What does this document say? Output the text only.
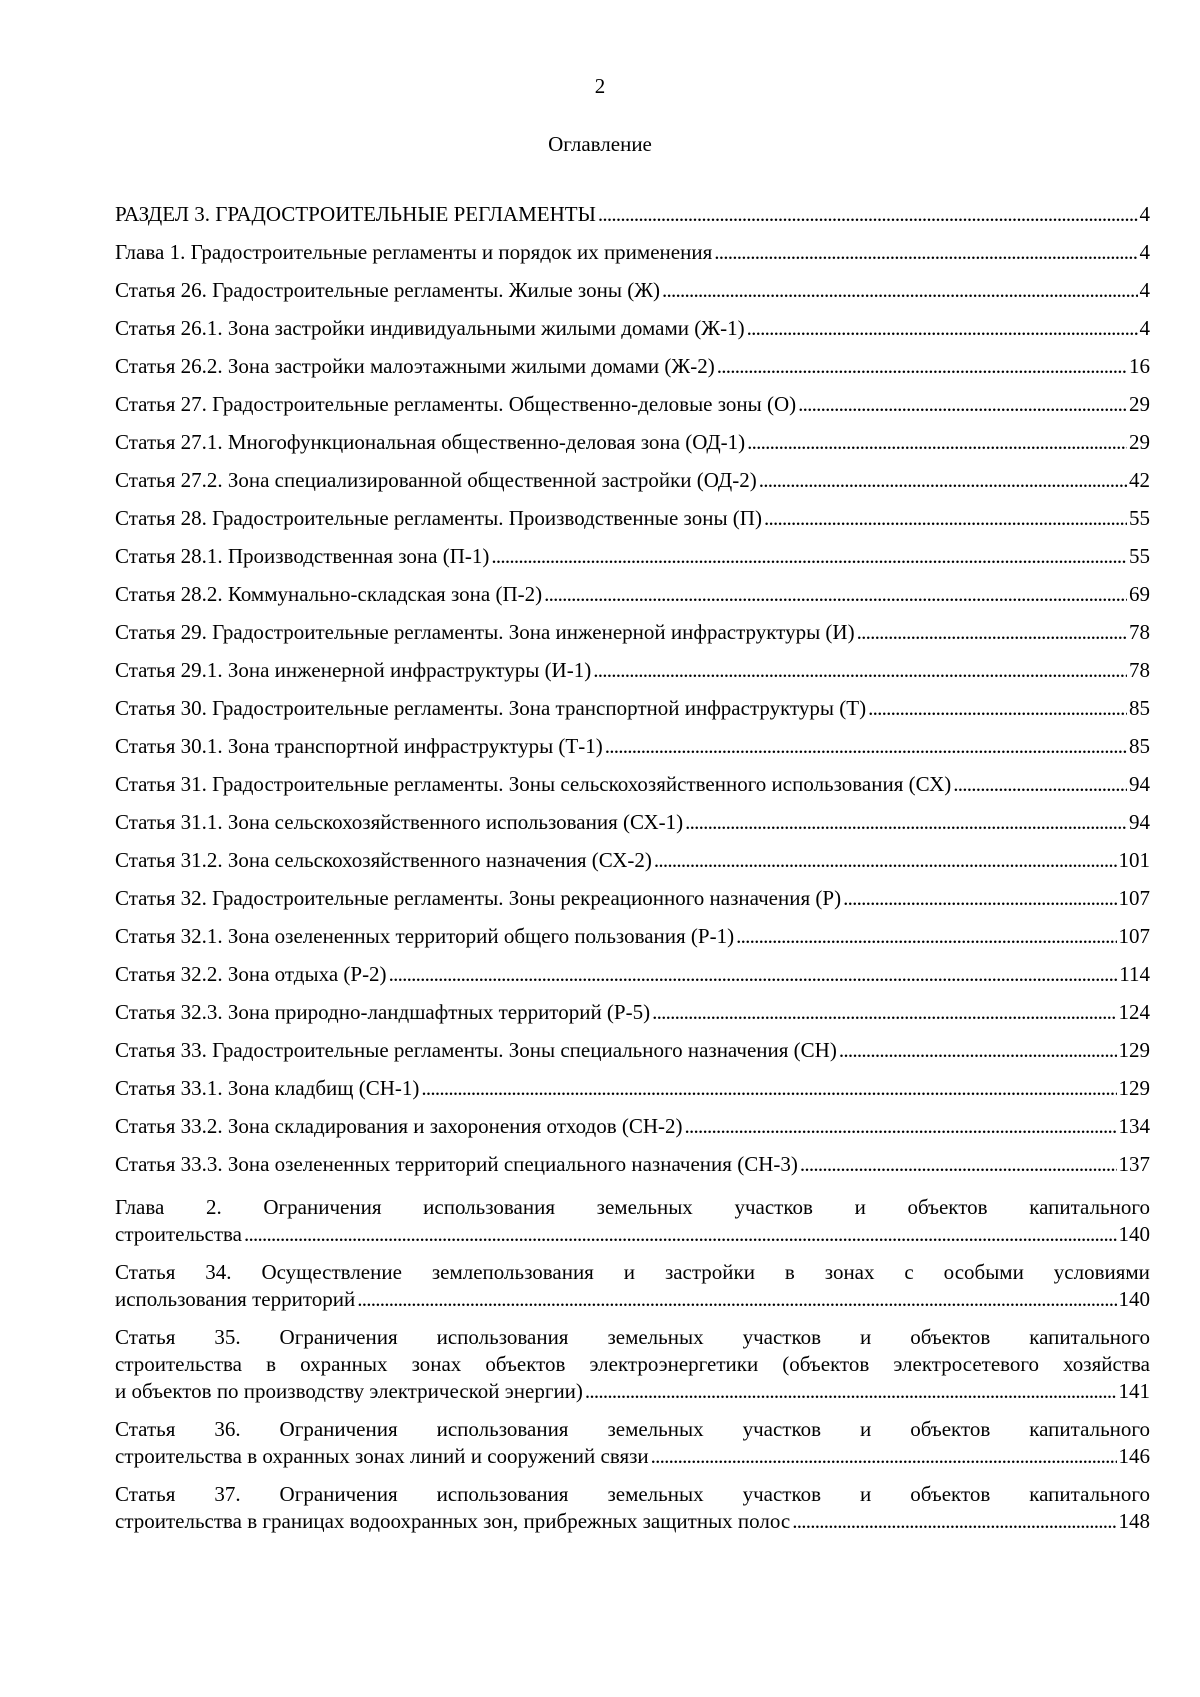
2
Оглавление
РАЗДЕЛ 3. ГРАДОСТРОИТЕЛЬНЫЕ РЕГЛАМЕНТЫ . . .	4
Глава 1. Градостроительные регламенты и порядок их применения . . .	4
Статья 26. Градостроительные регламенты. Жилые зоны (Ж) . . .	4
Статья 26.1. Зона застройки индивидуальными жилыми домами (Ж-1) . . .	4
Статья 26.2. Зона застройки малоэтажными жилыми домами (Ж-2) . . .	16
Статья 27. Градостроительные регламенты. Общественно-деловые зоны (О) . . .	29
Статья 27.1. Многофункциональная общественно-деловая зона (ОД-1) . . .	29
Статья 27.2. Зона специализированной общественной застройки (ОД-2) . . .	42
Статья 28. Градостроительные регламенты. Производственные зоны (П) . . .	55
Статья 28.1. Производственная зона (П-1) . . .	55
Статья 28.2. Коммунально-складская зона (П-2) . . .	69
Статья 29. Градостроительные регламенты. Зона инженерной инфраструктуры (И) . . .	78
Статья 29.1. Зона инженерной инфраструктуры (И-1) . . .	78
Статья 30. Градостроительные регламенты. Зона транспортной инфраструктуры (Т) . . .	85
Статья 30.1. Зона транспортной инфраструктуры (Т-1) . . .	85
Статья 31. Градостроительные регламенты. Зоны сельскохозяйственного использования (СХ) . . .	94
Статья 31.1. Зона сельскохозяйственного использования (СХ-1) . . .	94
Статья 31.2. Зона сельскохозяйственного назначения (СХ-2) . . .	101
Статья 32. Градостроительные регламенты. Зоны рекреационного назначения (Р) . . .	107
Статья 32.1. Зона озелененных территорий общего пользования (Р-1) . . .	107
Статья 32.2. Зона отдыха (Р-2) . . .	114
Статья 32.3. Зона природно-ландшафтных территорий (Р-5) . . .	124
Статья 33. Градостроительные регламенты. Зоны специального назначения (СН) . . .	129
Статья 33.1. Зона кладбищ (СН-1) . . .	129
Статья 33.2. Зона складирования и захоронения отходов (СН-2) . . .	134
Статья 33.3. Зона озелененных территорий специального назначения (СН-3) . . .	137
Глава 2. Ограничения использования земельных участков и объектов капитального
строительства . . .	140
Статья 34. Осуществление землепользования и застройки в зонах с особыми условиями
использования территорий . . .	140
Статья 35. Ограничения использования земельных участков и объектов капитального
строительства в охранных зонах объектов электроэнергетики (объектов электросетевого хозяйства
и объектов по производству электрической энергии) . . .	141
Статья 36. Ограничения использования земельных участков и объектов капитального
строительства в охранных зонах линий и сооружений связи . . .	146
Статья 37. Ограничения использования земельных участков и объектов капитального
строительства в границах водоохранных зон, прибрежных защитных полос . . .	148
